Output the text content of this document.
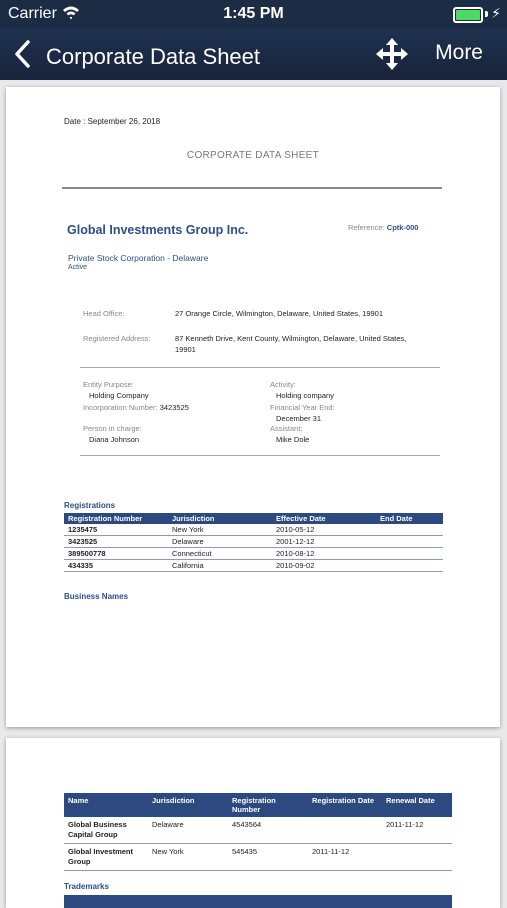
Carrier	1:45 PM	⚡︎
Corporate Data Sheet	More
Date : September 26, 2018
CORPORATE DATA SHEET
Global Investments Group Inc.	Reference: Cptk-000
Private Stock Corporation - Delaware
Active
Head Office:	27 Orange Circle, Wilmington, Delaware, United States, 19901
Registered Address:	87 Kenneth Drive, Kent County, Wilmington, Delaware, United States,
19901
Entity Purpose:
Holding Company
Incorporation Number: 3423525
Person in charge:
Diana Johnson
Activity:
Holding company
Financial Year End:
December 31
Assistant:
Mike Dole
Registrations
Registration Number	Jurisdiction	Effective Date	End Date
1235475	New York	2010-05-12	
3423525	Delaware	2001-12-12	
389500778	Connecticut	2010-08-12	
434335	California	2010-09-02	
Business Names
Name	Jurisdiction	Registration Number	Registration Date	Renewal Date
Global Business Capital Group	Delaware	4543564		2011-11-12
Global Investment Group	New York	545435	2011-11-12	
Trademarks
